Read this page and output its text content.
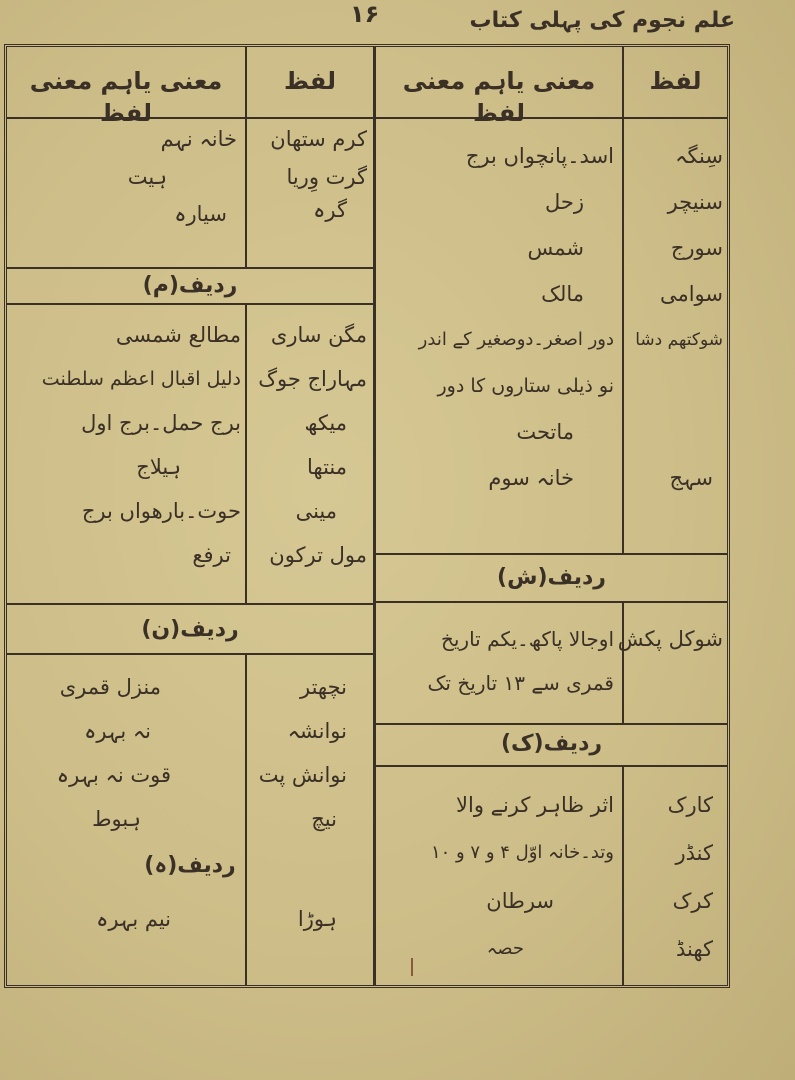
۱۶	علم نجوم کی پہلی کتاب
معنی یاہم معنی لفظ
لفظ
خانہ نہم
ہیت
سیارہ
کرم ستھان
گرت وِریا
گرہ
ردیف(م)
مطالع شمسی
دلیل اقبال اعظم سلطنت
برج حمل۔برج اول
ہیلاج
حوت۔بارھواں برج
ترفع
مگن ساری
مہاراج جوگ
میکھ
منتھا
مینی
مول ترکون
ردیف(ن)
منزل قمری
نہ بہرہ
قوت نہ بہرہ
ہبوط
نچھتر
نوانشہ
نوانش پت
نیچ
ردیف(ہ)
نیم بہرہ	ہوڑا
معنی یاہم معنی لفظ
لفظ
اسد۔پانچواں برج
زحل
شمس
مالک
دور اصغر۔دوصغیر کے اندر
نو ذیلی ستاروں کا دور
ماتحت
خانہ سوم
سِنگہ
سنیچر
سورج
سوامی
شوکتھم دشا
سہج
ردیف(ش)
اوجالا پاکھ۔یکم تاریخ
قمری سے ۱۳ تاریخ تک
شوکل پکش
ردیف(ک)
اثر ظاہر کرنے والا
وتد۔خانہ اوّل ۴ و ۷ و ۱۰
سرطان
حصہ
کارک
کنڈر
کرک
کھنڈ
